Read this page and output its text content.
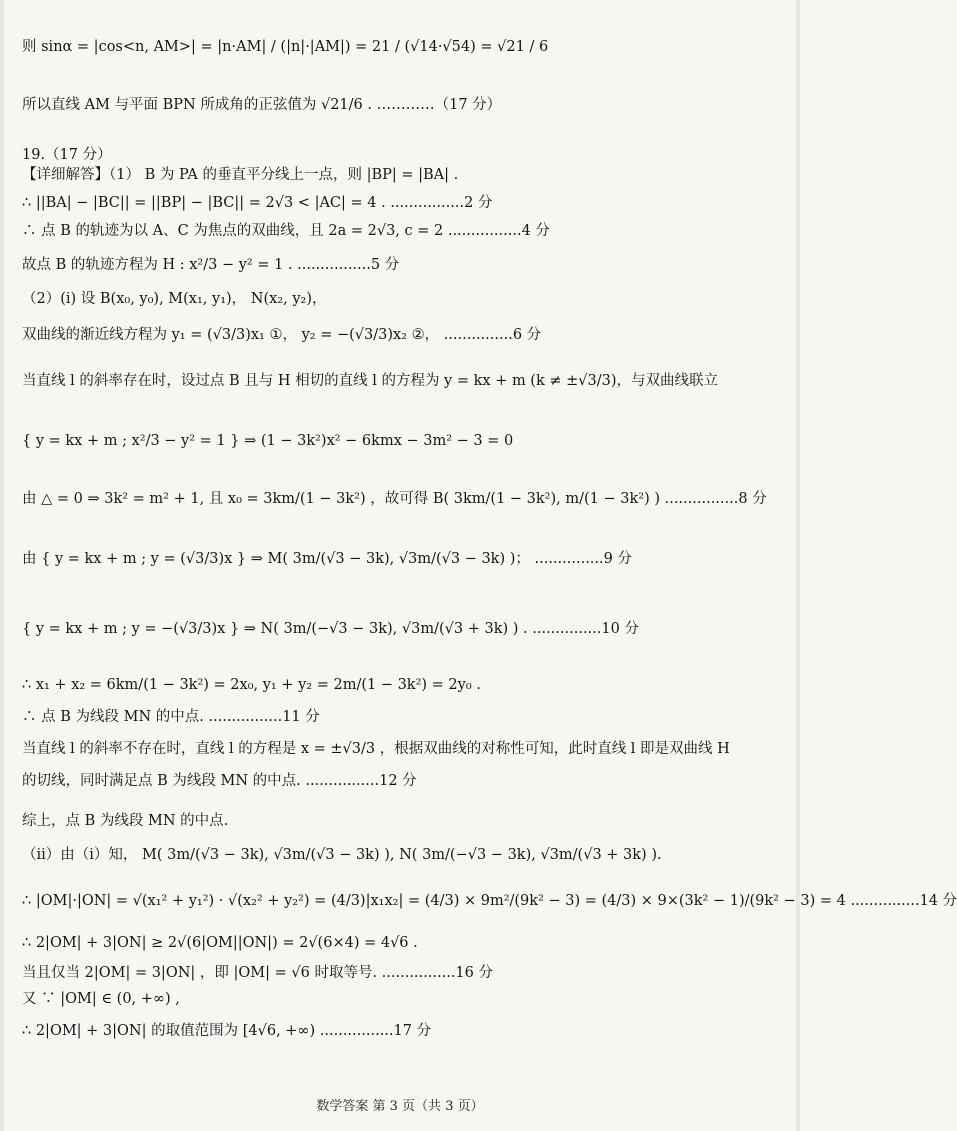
则 sinα = |cos<n, AM>| = |n·AM| / (|n|·|AM|) = 21 / (√14·√54) = √21 / 6
所以直线 AM 与平面 BPN 所成角的正弦值为 √21/6 . …………（17 分）
19.（17 分）
【详细解答】（1） B 为 PA 的垂直平分线上一点，则 |BP| = |BA| .
∴ ||BA| − |BC|| = ||BP| − |BC|| = 2√3 < |AC| = 4 . ................2 分
∴ 点 B 的轨迹为以 A、C 为焦点的双曲线，且 2a = 2√3, c = 2 ................4 分
故点 B 的轨迹方程为 H : x²/3 − y² = 1 . ................5 分
（2）(i) 设 B(x₀, y₀), M(x₁, y₁)， N(x₂, y₂)，
双曲线的渐近线方程为 y₁ = (√3/3)x₁ ①， y₂ = −(√3/3)x₂ ②， ...............6 分
当直线 l 的斜率存在时，设过点 B 且与 H 相切的直线 l 的方程为 y = kx + m (k ≠ ±√3/3)，与双曲线联立
{ y = kx + m ; x²/3 − y² = 1 } ⇒ (1 − 3k²)x² − 6kmx − 3m² − 3 = 0
由 △ = 0 ⇒ 3k² = m² + 1, 且 x₀ = 3km/(1 − 3k²) ，故可得 B( 3km/(1 − 3k²), m/(1 − 3k²) ) ................8 分
由 { y = kx + m ; y = (√3/3)x } ⇒ M( 3m/(√3 − 3k), √3m/(√3 − 3k) )； ...............9 分
{ y = kx + m ; y = −(√3/3)x } ⇒ N( 3m/(−√3 − 3k), √3m/(√3 + 3k) ) . ...............10 分
∴ x₁ + x₂ = 6km/(1 − 3k²) = 2x₀, y₁ + y₂ = 2m/(1 − 3k²) = 2y₀ .
∴ 点 B 为线段 MN 的中点. ................11 分
当直线 l 的斜率不存在时，直线 l 的方程是 x = ±√3/3 ，根据双曲线的对称性可知，此时直线 l 即是双曲线 H
的切线，同时满足点 B 为线段 MN 的中点. ................12 分
综上，点 B 为线段 MN 的中点.
（ii）由（i）知， M( 3m/(√3 − 3k), √3m/(√3 − 3k) ), N( 3m/(−√3 − 3k), √3m/(√3 + 3k) ).
∴ |OM|·|ON| = √(x₁² + y₁²) · √(x₂² + y₂²) = (4/3)|x₁x₂| = (4/3) × 9m²/(9k² − 3) = (4/3) × 9×(3k² − 1)/(9k² − 3) = 4 ...............14 分
∴ 2|OM| + 3|ON| ≥ 2√(6|OM||ON|) = 2√(6×4) = 4√6 .
当且仅当 2|OM| = 3|ON| ，即 |OM| = √6 时取等号. ................16 分
又 ∵ |OM| ∈ (0, +∞) ,
∴ 2|OM| + 3|ON| 的取值范围为 [4√6, +∞) ................17 分
数学答案 第 3 页（共 3 页）
